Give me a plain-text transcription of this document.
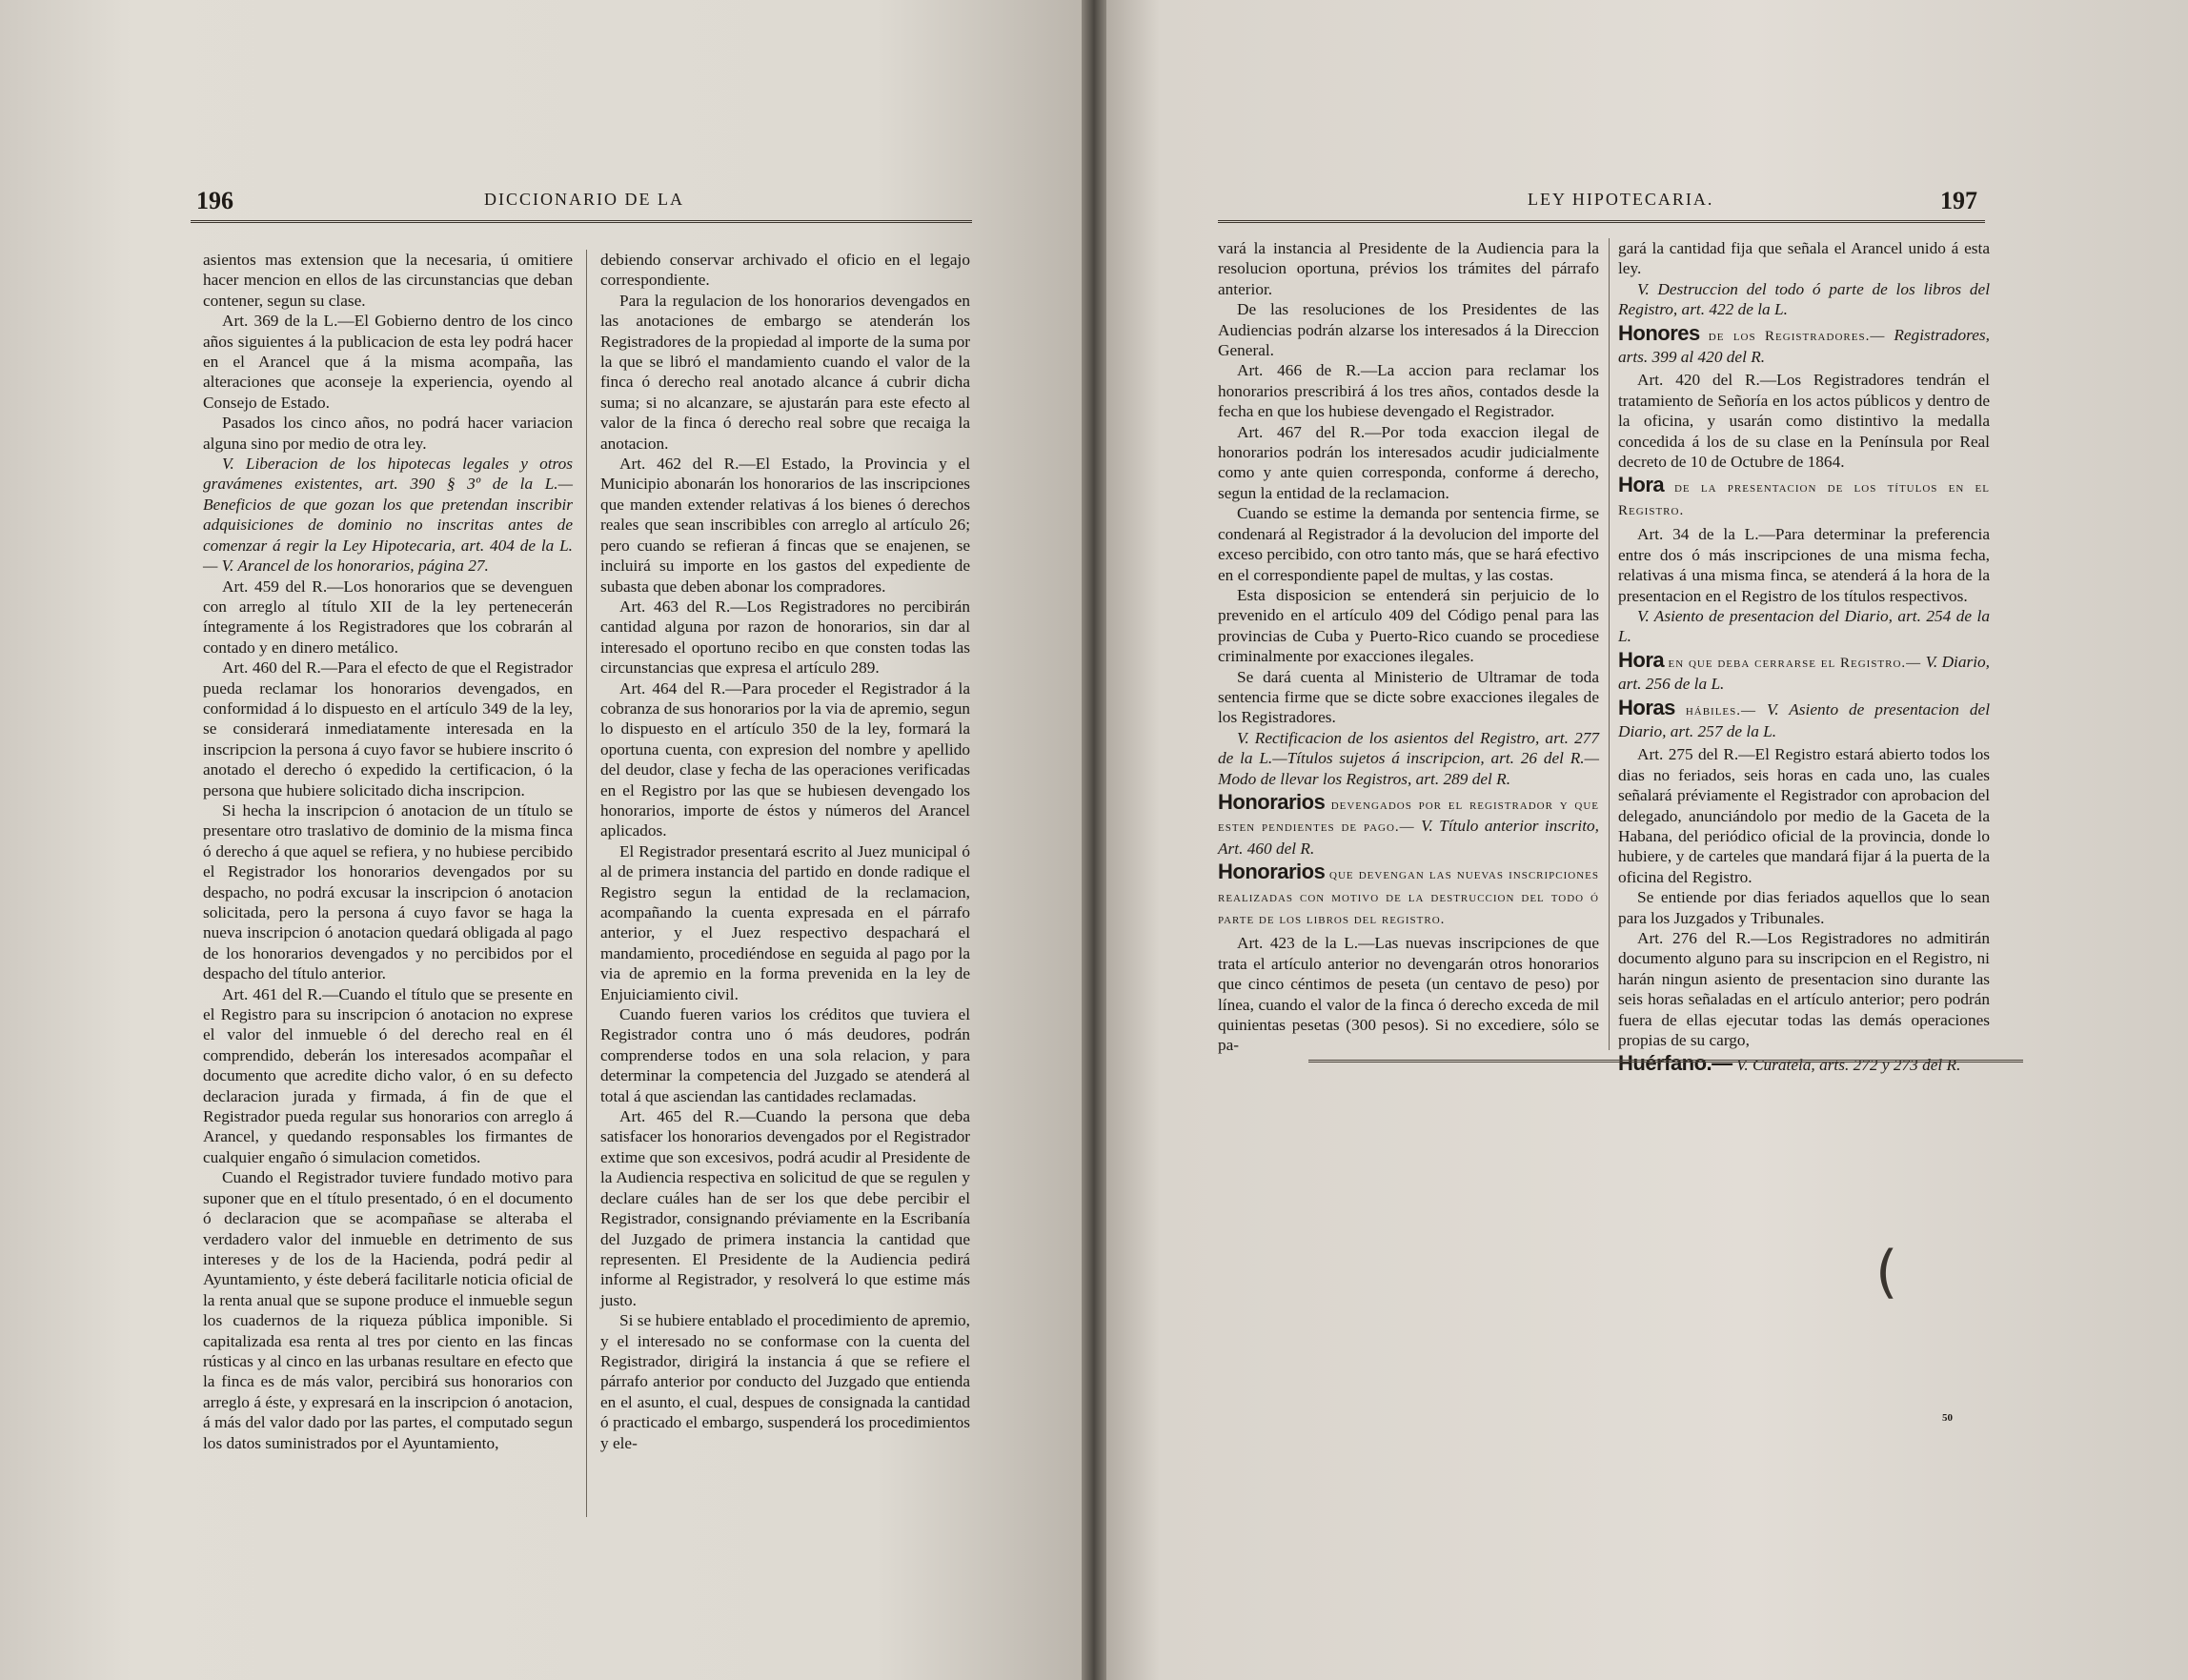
196	DICCIONARIO DE LA

asientos mas extension que la necesaria, ú omitiere hacer mencion en ellos de las circunstancias que deban contener, segun su clase.

Art. 369 de la L.—El Gobierno dentro de los cinco años siguientes á la publicacion de esta ley podrá hacer en el Arancel que á la misma acompaña, las alteraciones que aconseje la experiencia, oyendo al Consejo de Estado.

Pasados los cinco años, no podrá hacer variacion alguna sino por medio de otra ley.

V. Liberacion de los hipotecas legales y otros gravámenes existentes, art. 390 § 3º de la L.—Beneficios de que gozan los que pretendan inscribir adquisiciones de dominio no inscritas antes de comenzar á regir la Ley Hipotecaria, art. 404 de la L.— V. Arancel de los honorarios, página 27.

Art. 459 del R.—Los honorarios que se devenguen con arreglo al título XII de la ley pertenecerán íntegramente á los Registradores que los cobrarán al contado y en dinero metálico.

Art. 460 del R.—Para el efecto de que el Registrador pueda reclamar los honorarios devengados, en conformidad á lo dispuesto en el artículo 349 de la ley, se considerará inmediatamente interesada en la inscripcion la persona á cuyo favor se hubiere inscrito ó anotado el derecho ó expedido la certificacion, ó la persona que hubiere solicitado dicha inscripcion.

Si hecha la inscripcion ó anotacion de un título se presentare otro traslativo de dominio de la misma finca ó derecho á que aquel se refiera, y no hubiese percibido el Registrador los honorarios devengados por su despacho, no podrá excusar la inscripcion ó anotacion solicitada, pero la persona á cuyo favor se haga la nueva inscripcion ó anotacion quedará obligada al pago de los honorarios devengados y no percibidos por el despacho del título anterior.

Art. 461 del R.—Cuando el título que se presente en el Registro para su inscripcion ó anotacion no exprese el valor del inmueble ó del derecho real en él comprendido, deberán los interesados acompañar el documento que acredite dicho valor, ó en su defecto declaracion jurada y firmada, á fin de que el Registrador pueda regular sus honorarios con arreglo á Arancel, y quedando responsables los firmantes de cualquier engaño ó simulacion cometidos.

Cuando el Registrador tuviere fundado motivo para suponer que en el título presentado, ó en el documento ó declaracion que se acompañase se alteraba el verdadero valor del inmueble en detrimento de sus intereses y de los de la Hacienda, podrá pedir al Ayuntamiento, y éste deberá facilitarle noticia oficial de la renta anual que se supone produce el inmueble segun los cuadernos de la riqueza pública imponible. Si capitalizada esa renta al tres por ciento en las fincas rústicas y al cinco en las urbanas resultare en efecto que la finca es de más valor, percibirá sus honorarios con arreglo á éste, y expresará en la inscripcion ó anotacion, á más del valor dado por las partes, el computado segun los datos suministrados por el Ayuntamiento,

debiendo conservar archivado el oficio en el legajo correspondiente.

Para la regulacion de los honorarios devengados en las anotaciones de embargo se atenderán los Registradores de la propiedad al importe de la suma por la que se libró el mandamiento cuando el valor de la finca ó derecho real anotado alcance á cubrir dicha suma; si no alcanzare, se ajustarán para este efecto al valor de la finca ó derecho real sobre que recaiga la anotacion.

Art. 462 del R.—El Estado, la Provincia y el Municipio abonarán los honorarios de las inscripciones que manden extender relativas á los bienes ó derechos reales que sean inscribibles con arreglo al artículo 26; pero cuando se refieran á fincas que se enajenen, se incluirá su importe en los gastos del expediente de subasta que deben abonar los compradores.

Art. 463 del R.—Los Registradores no percibirán cantidad alguna por razon de honorarios, sin dar al interesado el oportuno recibo en que consten todas las circunstancias que expresa el artículo 289.

Art. 464 del R.—Para proceder el Registrador á la cobranza de sus honorarios por la via de apremio, segun lo dispuesto en el artículo 350 de la ley, formará la oportuna cuenta, con expresion del nombre y apellido del deudor, clase y fecha de las operaciones verificadas en el Registro por las que se hubiesen devengado los honorarios, importe de éstos y números del Arancel aplicados.

El Registrador presentará escrito al Juez municipal ó al de primera instancia del partido en donde radique el Registro segun la entidad de la reclamacion, acompañando la cuenta expresada en el párrafo anterior, y el Juez respectivo despachará el mandamiento, procediéndose en seguida al pago por la via de apremio en la forma prevenida en la ley de Enjuiciamiento civil.

Cuando fueren varios los créditos que tuviera el Registrador contra uno ó más deudores, podrán comprenderse todos en una sola relacion, y para determinar la competencia del Juzgado se atenderá al total á que asciendan las cantidades reclamadas.

Art. 465 del R.—Cuando la persona que deba satisfacer los honorarios devengados por el Registrador extime que son excesivos, podrá acudir al Presidente de la Audiencia respectiva en solicitud de que se regulen y declare cuáles han de ser los que debe percibir el Registrador, consignando préviamente en la Escribanía del Juzgado de primera instancia la cantidad que representen. El Presidente de la Audiencia pedirá informe al Registrador, y resolverá lo que estime más justo.

Si se hubiere entablado el procedimiento de apremio, y el interesado no se conformase con la cuenta del Registrador, dirigirá la instancia á que se refiere el párrafo anterior por conducto del Juzgado que entienda en el asunto, el cual, despues de consignada la cantidad ó practicado el embargo, suspenderá los procedimientos y ele-

LEY HIPOTECARIA.	197

vará la instancia al Presidente de la Audiencia para la resolucion oportuna, prévios los trámites del párrafo anterior.

De las resoluciones de los Presidentes de las Audiencias podrán alzarse los interesados á la Direccion General.

Art. 466 de R.—La accion para reclamar los honorarios prescribirá á los tres años, contados desde la fecha en que los hubiese devengado el Registrador.

Art. 467 del R.—Por toda exaccion ilegal de honorarios podrán los interesados acudir judicialmente como y ante quien corresponda, conforme á derecho, segun la entidad de la reclamacion.

Cuando se estime la demanda por sentencia firme, se condenará al Registrador á la devolucion del importe del exceso percibido, con otro tanto más, que se hará efectivo en el correspondiente papel de multas, y las costas.

Esta disposicion se entenderá sin perjuicio de lo prevenido en el artículo 409 del Código penal para las provincias de Cuba y Puerto-Rico cuando se procediese criminalmente por exacciones ilegales.

Se dará cuenta al Ministerio de Ultramar de toda sentencia firme que se dicte sobre exacciones ilegales de los Registradores.

V. Rectificacion de los asientos del Registro, art. 277 de la L.—Títulos sujetos á inscripcion, art. 26 del R.—Modo de llevar los Registros, art. 289 del R.

Honorarios devengados por el registrador y que esten pendientes de pago.— V. Título anterior inscrito, Art. 460 del R.

Honorarios que devengan las nuevas inscripciones realizadas con motivo de la destruccion del todo ó parte de los libros del registro.

Art. 423 de la L.—Las nuevas inscripciones de que trata el artículo anterior no devengarán otros honorarios que cinco céntimos de peseta (un centavo de peso) por línea, cuando el valor de la finca ó derecho exceda de mil quinientas pesetas (300 pesos). Si no excediere, sólo se pa-

gará la cantidad fija que señala el Arancel unido á esta ley.

V. Destruccion del todo ó parte de los libros del Registro, art. 422 de la L.

Honores de los Registradores.— Registradores, arts. 399 al 420 del R.

Art. 420 del R.—Los Registradores tendrán el tratamiento de Señoría en los actos públicos y dentro de la oficina, y usarán como distintivo la medalla concedida á los de su clase en la Península por Real decreto de 10 de Octubre de 1864.

Hora de la presentacion de los títulos en el Registro.

Art. 34 de la L.—Para determinar la preferencia entre dos ó más inscripciones de una misma fecha, relativas á una misma finca, se atenderá á la hora de la presentacion en el Registro de los títulos respectivos.

V. Asiento de presentacion del Diario, art. 254 de la L.

Hora en que deba cerrarse el Registro.— V. Diario, art. 256 de la L.

Horas hábiles.— V. Asiento de presentacion del Diario, art. 257 de la L.

Art. 275 del R.—El Registro estará abierto todos los dias no feriados, seis horas en cada uno, las cuales señalará préviamente el Registrador con aprobacion del delegado, anunciándolo por medio de la Gaceta de la Habana, del periódico oficial de la provincia, donde lo hubiere, y de carteles que mandará fijar á la puerta de la oficina del Registro.

Se entiende por dias feriados aquellos que lo sean para los Juzgados y Tribunales.

Art. 276 del R.—Los Registradores no admitirán documento alguno para su inscripcion en el Registro, ni harán ningun asiento de presentacion sino durante las seis horas señaladas en el artículo anterior; pero podrán fuera de ellas ejecutar todas las demás operaciones propias de su cargo,

Huérfano.— V. Curatela, arts. 272 y 273 del R.

(
50
